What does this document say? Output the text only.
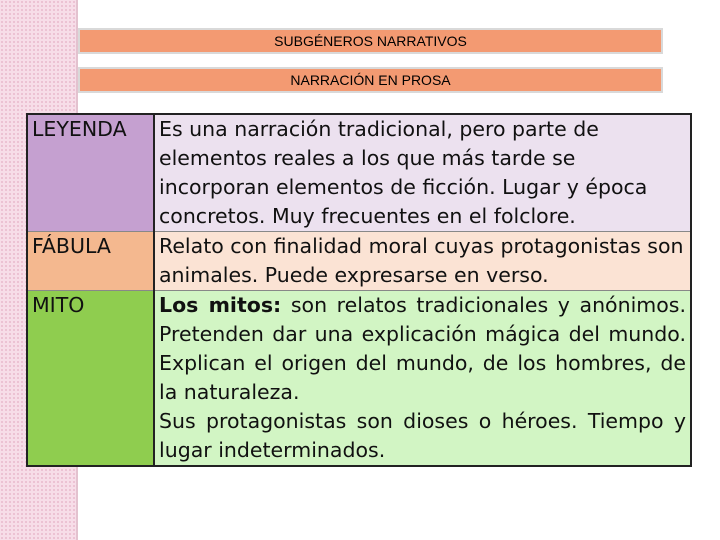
SUBGÉNEROS NARRATIVOS
NARRACIÓN EN PROSA
LEYENDA	Es una narración tradicional, pero parte de elementos reales a los que más tarde se incorporan elementos de ficción. Lugar y época concretos. Muy frecuentes en el folclore.
FÁBULA	Relato con finalidad moral cuyas protagonistas son animales. Puede expresarse en verso.
MITO	Los mitos: son relatos tradicionales y anónimos. Pretenden dar una explicación mágica del mundo. Explican el origen del mundo, de los hombres, de la naturaleza.
Sus protagonistas son dioses o héroes. Tiempo y lugar indeterminados.
